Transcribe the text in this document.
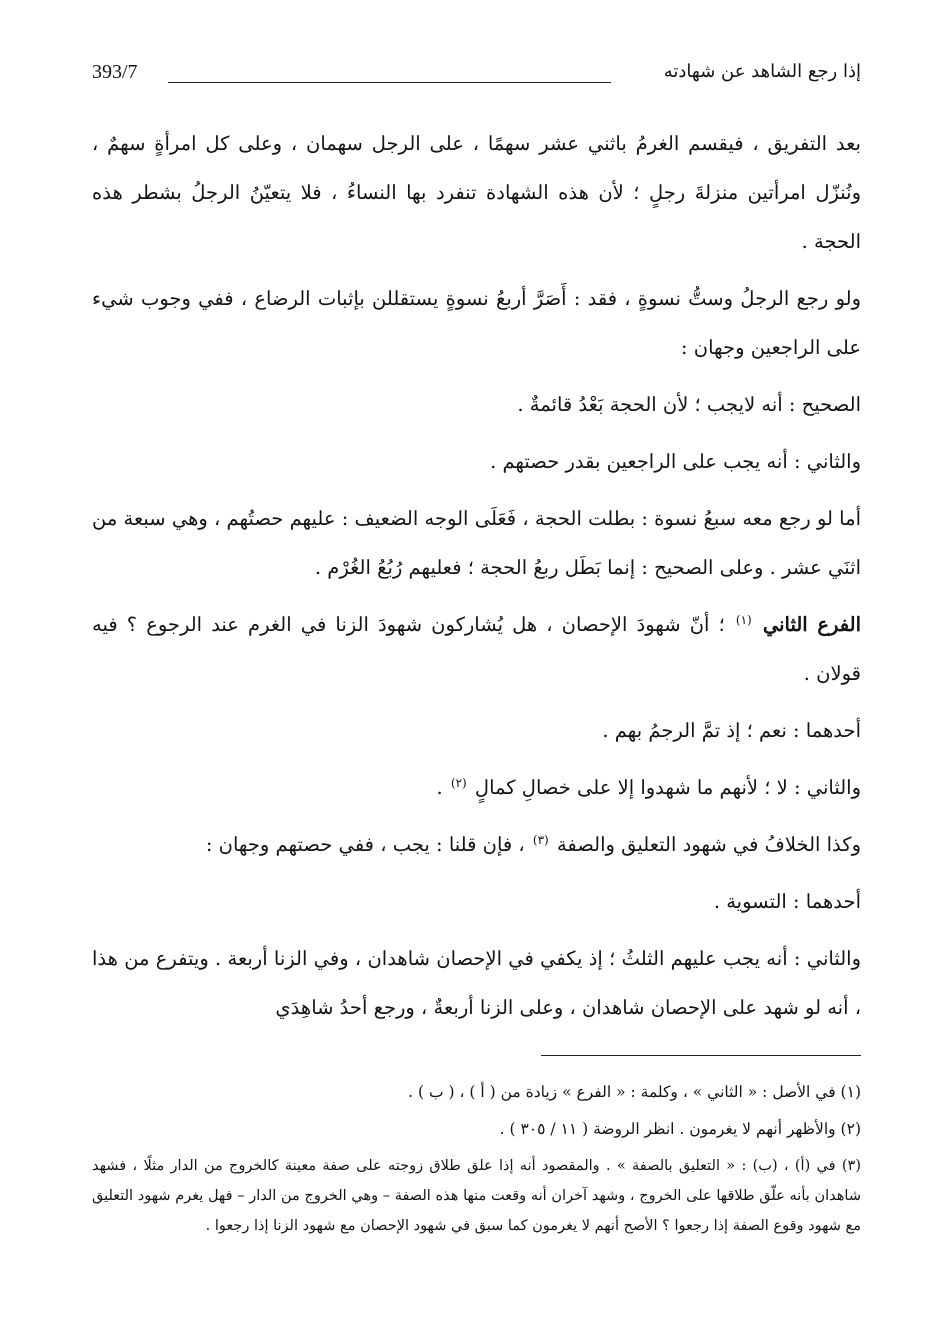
إذا رجع الشاهد عن شهادته
393/7

بعد التفريق ، فيقسم الغرمُ باثني عشر سهمًا ، على الرجل سهمان ، وعلى كل امرأةٍ سهمٌ ، ونُنزّل امرأتين منزلةَ رجلٍ ؛ لأن هذه الشهادة تنفرد بها النساءُ ، فلا يتعيّنُ الرجلُ بشطر هذه الحجة .

ولو رجع الرجلُ وستُّ نسوةٍ ، فقد : أَصَرَّ أربعُ نسوةٍ يستقللن بإثبات الرضاع ، ففي وجوب شيء على الراجعين وجهان :

الصحيح : أنه لايجب ؛ لأن الحجة بَعْدُ قائمةٌ .

والثاني : أنه يجب على الراجعين بقدر حصتهم .

أما لو رجع معه سبعُ نسوة : بطلت الحجة ، فَعَلَى الوجه الضعيف : عليهم حصتُهم ، وهي سبعة من اثنَي عشر . وعلى الصحيح : إنما بَطَل ربعُ الحجة ؛ فعليهم رُبُعُ الغُرْم .

الفرع الثاني $^{(١)}$ ؛ أنّ شهودَ الإحصان ، هل يُشاركون شهودَ الزنا في الغرم عند الرجوع ؟ فيه قولان .

أحدهما : نعم ؛ إذ تمَّ الرجمُ بهم .

والثاني : لا ؛ لأنهم ما شهدوا إلا على خصالِ كمالٍ $^{(٢)}$ .

وكذا الخلافُ في شهود التعليق والصفة $^{(٣)}$ ، فإن قلنا : يجب ، ففي حصتهم وجهان :

أحدهما : التسوية .

والثاني : أنه يجب عليهم الثلثُ ؛ إذ يكفي في الإحصان شاهدان ، وفي الزنا أربعة . ويتفرع من هذا ، أنه لو شهد على الإحصان شاهدان ، وعلى الزنا أربعةٌ ، ورجع أحدُ شاهِدَي

(١) في الأصل : « الثاني » ، وكلمة : « الفرع » زيادة من ( أ ) ، ( ب ) .

(٢) والأظهر أنهم لا يغرمون . انظر الروضة ( ١١ / ٣٠٥ ) .

(٣) في (أ) ، (ب) : « التعليق بالصفة » . والمقصود أنه إذا علق طلاق زوجته على صفة معينة كالخروج من الدار مثلًا ، فشهد شاهدان بأنه علّق طلاقها على الخروج ، وشهد آخران أنه وقعت منها هذه الصفة – وهي الخروج من الدار – فهل يغرم شهود التعليق مع شهود وقوع الصفة إذا رجعوا ؟ الأصح أنهم لا يغرمون كما سبق في شهود الإحصان مع شهود الزنا إذا رجعوا .
